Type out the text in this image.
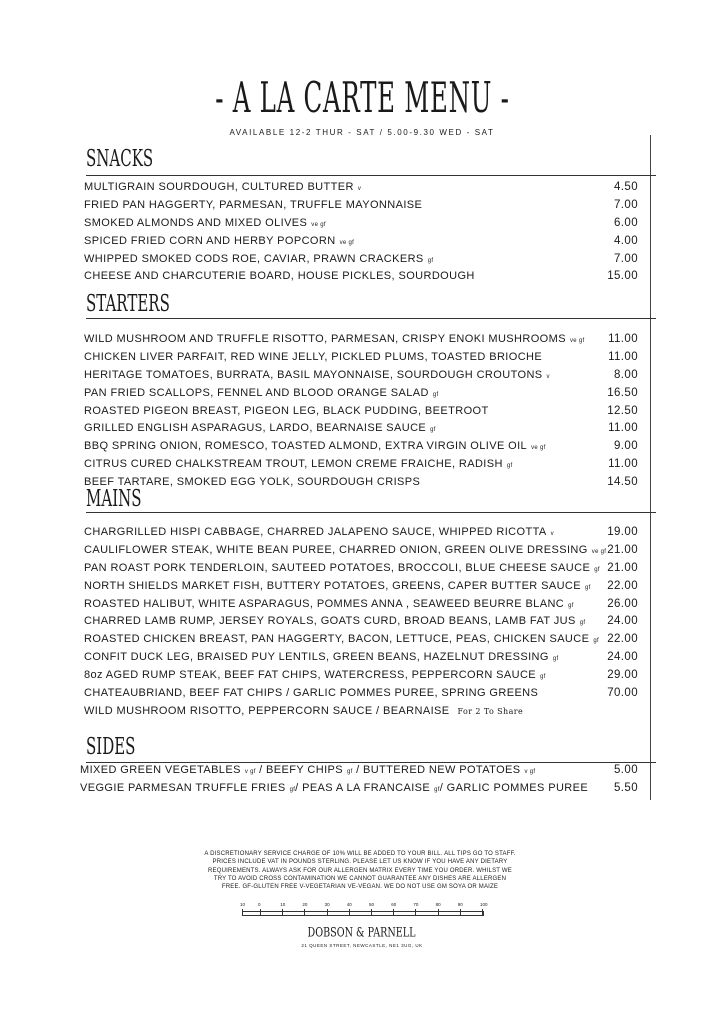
- A LA CARTE MENU -
AVAILABLE 12-2 THUR - SAT / 5.00-9.30 WED - SAT
SNACKS
MULTIGRAIN SOURDOUGH, CULTURED BUTTER v	4.50
FRIED PAN HAGGERTY, PARMESAN, TRUFFLE MAYONNAISE	7.00
SMOKED ALMONDS AND MIXED OLIVES ve gf	6.00
SPICED FRIED CORN AND HERBY POPCORN ve gf	4.00
WHIPPED SMOKED CODS ROE, CAVIAR, PRAWN CRACKERS gf	7.00
CHEESE AND CHARCUTERIE BOARD, HOUSE PICKLES, SOURDOUGH	15.00
STARTERS
WILD MUSHROOM AND TRUFFLE RISOTTO, PARMESAN, CRISPY ENOKI MUSHROOMS ve gf 11.00
CHICKEN LIVER PARFAIT, RED WINE JELLY, PICKLED PLUMS, TOASTED BRIOCHE	11.00
HERITAGE TOMATOES, BURRATA, BASIL MAYONNAISE, SOURDOUGH CROUTONS v	8.00
PAN FRIED SCALLOPS, FENNEL AND BLOOD ORANGE SALAD gf	16.50
ROASTED PIGEON BREAST, PIGEON LEG, BLACK PUDDING, BEETROOT	12.50
GRILLED ENGLISH ASPARAGUS, LARDO, BEARNAISE SAUCE gf	11.00
BBQ SPRING ONION, ROMESCO, TOASTED ALMOND, EXTRA VIRGIN OLIVE OIL ve gf	9.00
CITRUS CURED CHALKSTREAM TROUT, LEMON CREME FRAICHE, RADISH gf	11.00
BEEF TARTARE, SMOKED EGG YOLK, SOURDOUGH CRISPS	14.50
MAINS
CHARGRILLED HISPI CABBAGE, CHARRED JALAPENO SAUCE, WHIPPED RICOTTA v	19.00
CAULIFLOWER STEAK, WHITE BEAN PUREE, CHARRED ONION, GREEN OLIVE DRESSING ve gf 21.00
PAN ROAST PORK TENDERLOIN, SAUTEED POTATOES, BROCCOLI, BLUE CHEESE SAUCE gf 21.00
NORTH SHIELDS MARKET FISH, BUTTERY POTATOES, GREENS, CAPER BUTTER SAUCE gf 22.00
ROASTED HALIBUT, WHITE ASPARAGUS, POMMES ANNA , SEAWEED BEURRE BLANC gf	26.00
CHARRED LAMB RUMP, JERSEY ROYALS, GOATS CURD, BROAD BEANS, LAMB FAT JUS gf 24.00
ROASTED CHICKEN BREAST, PAN HAGGERTY, BACON, LETTUCE, PEAS, CHICKEN SAUCE gf 22.00
CONFIT DUCK LEG, BRAISED PUY LENTILS, GREEN BEANS, HAZELNUT DRESSING gf	24.00
8oz AGED RUMP STEAK, BEEF FAT CHIPS, WATERCRESS, PEPPERCORN SAUCE gf	29.00
CHATEAUBRIAND, BEEF FAT CHIPS / GARLIC POMMES PUREE, SPRING GREENS	70.00
WILD MUSHROOM RISOTTO, PEPPERCORN SAUCE / BEARNAISE For 2 To Share
SIDES
MIXED GREEN VEGETABLES v gf / BEEFY CHIPS gf / BUTTERED NEW POTATOES v gf	5.00
VEGGIE PARMESAN TRUFFLE FRIES gf/ PEAS A LA FRANCAISE gf/ GARLIC POMMES PUREE 5.50
A DISCRETIONARY SERVICE CHARGE OF 10% WILL BE ADDED TO YOUR BILL. ALL TIPS GO TO STAFF.
PRICES INCLUDE VAT IN POUNDS STERLING. PLEASE LET US KNOW IF YOU HAVE ANY DIETARY
REQUIREMENTS. ALWAYS ASK FOR OUR ALLERGEN MATRIX EVERY TIME YOU ORDER. WHILST WE
TRY TO AVOID CROSS CONTAMINATION WE CANNOT GUARANTEE ANY DISHES ARE ALLERGEN
FREE. GF-GLUTEN FREE V-VEGETARIAN VE-VEGAN. WE DO NOT USE GM SOYA OR MAIZE
10	0	10	20	30	40	50	60	70	80	90	100
DOBSON & PARNELL
21 QUEEN STREET, NEWCASTLE, NE1 3UG, UK
